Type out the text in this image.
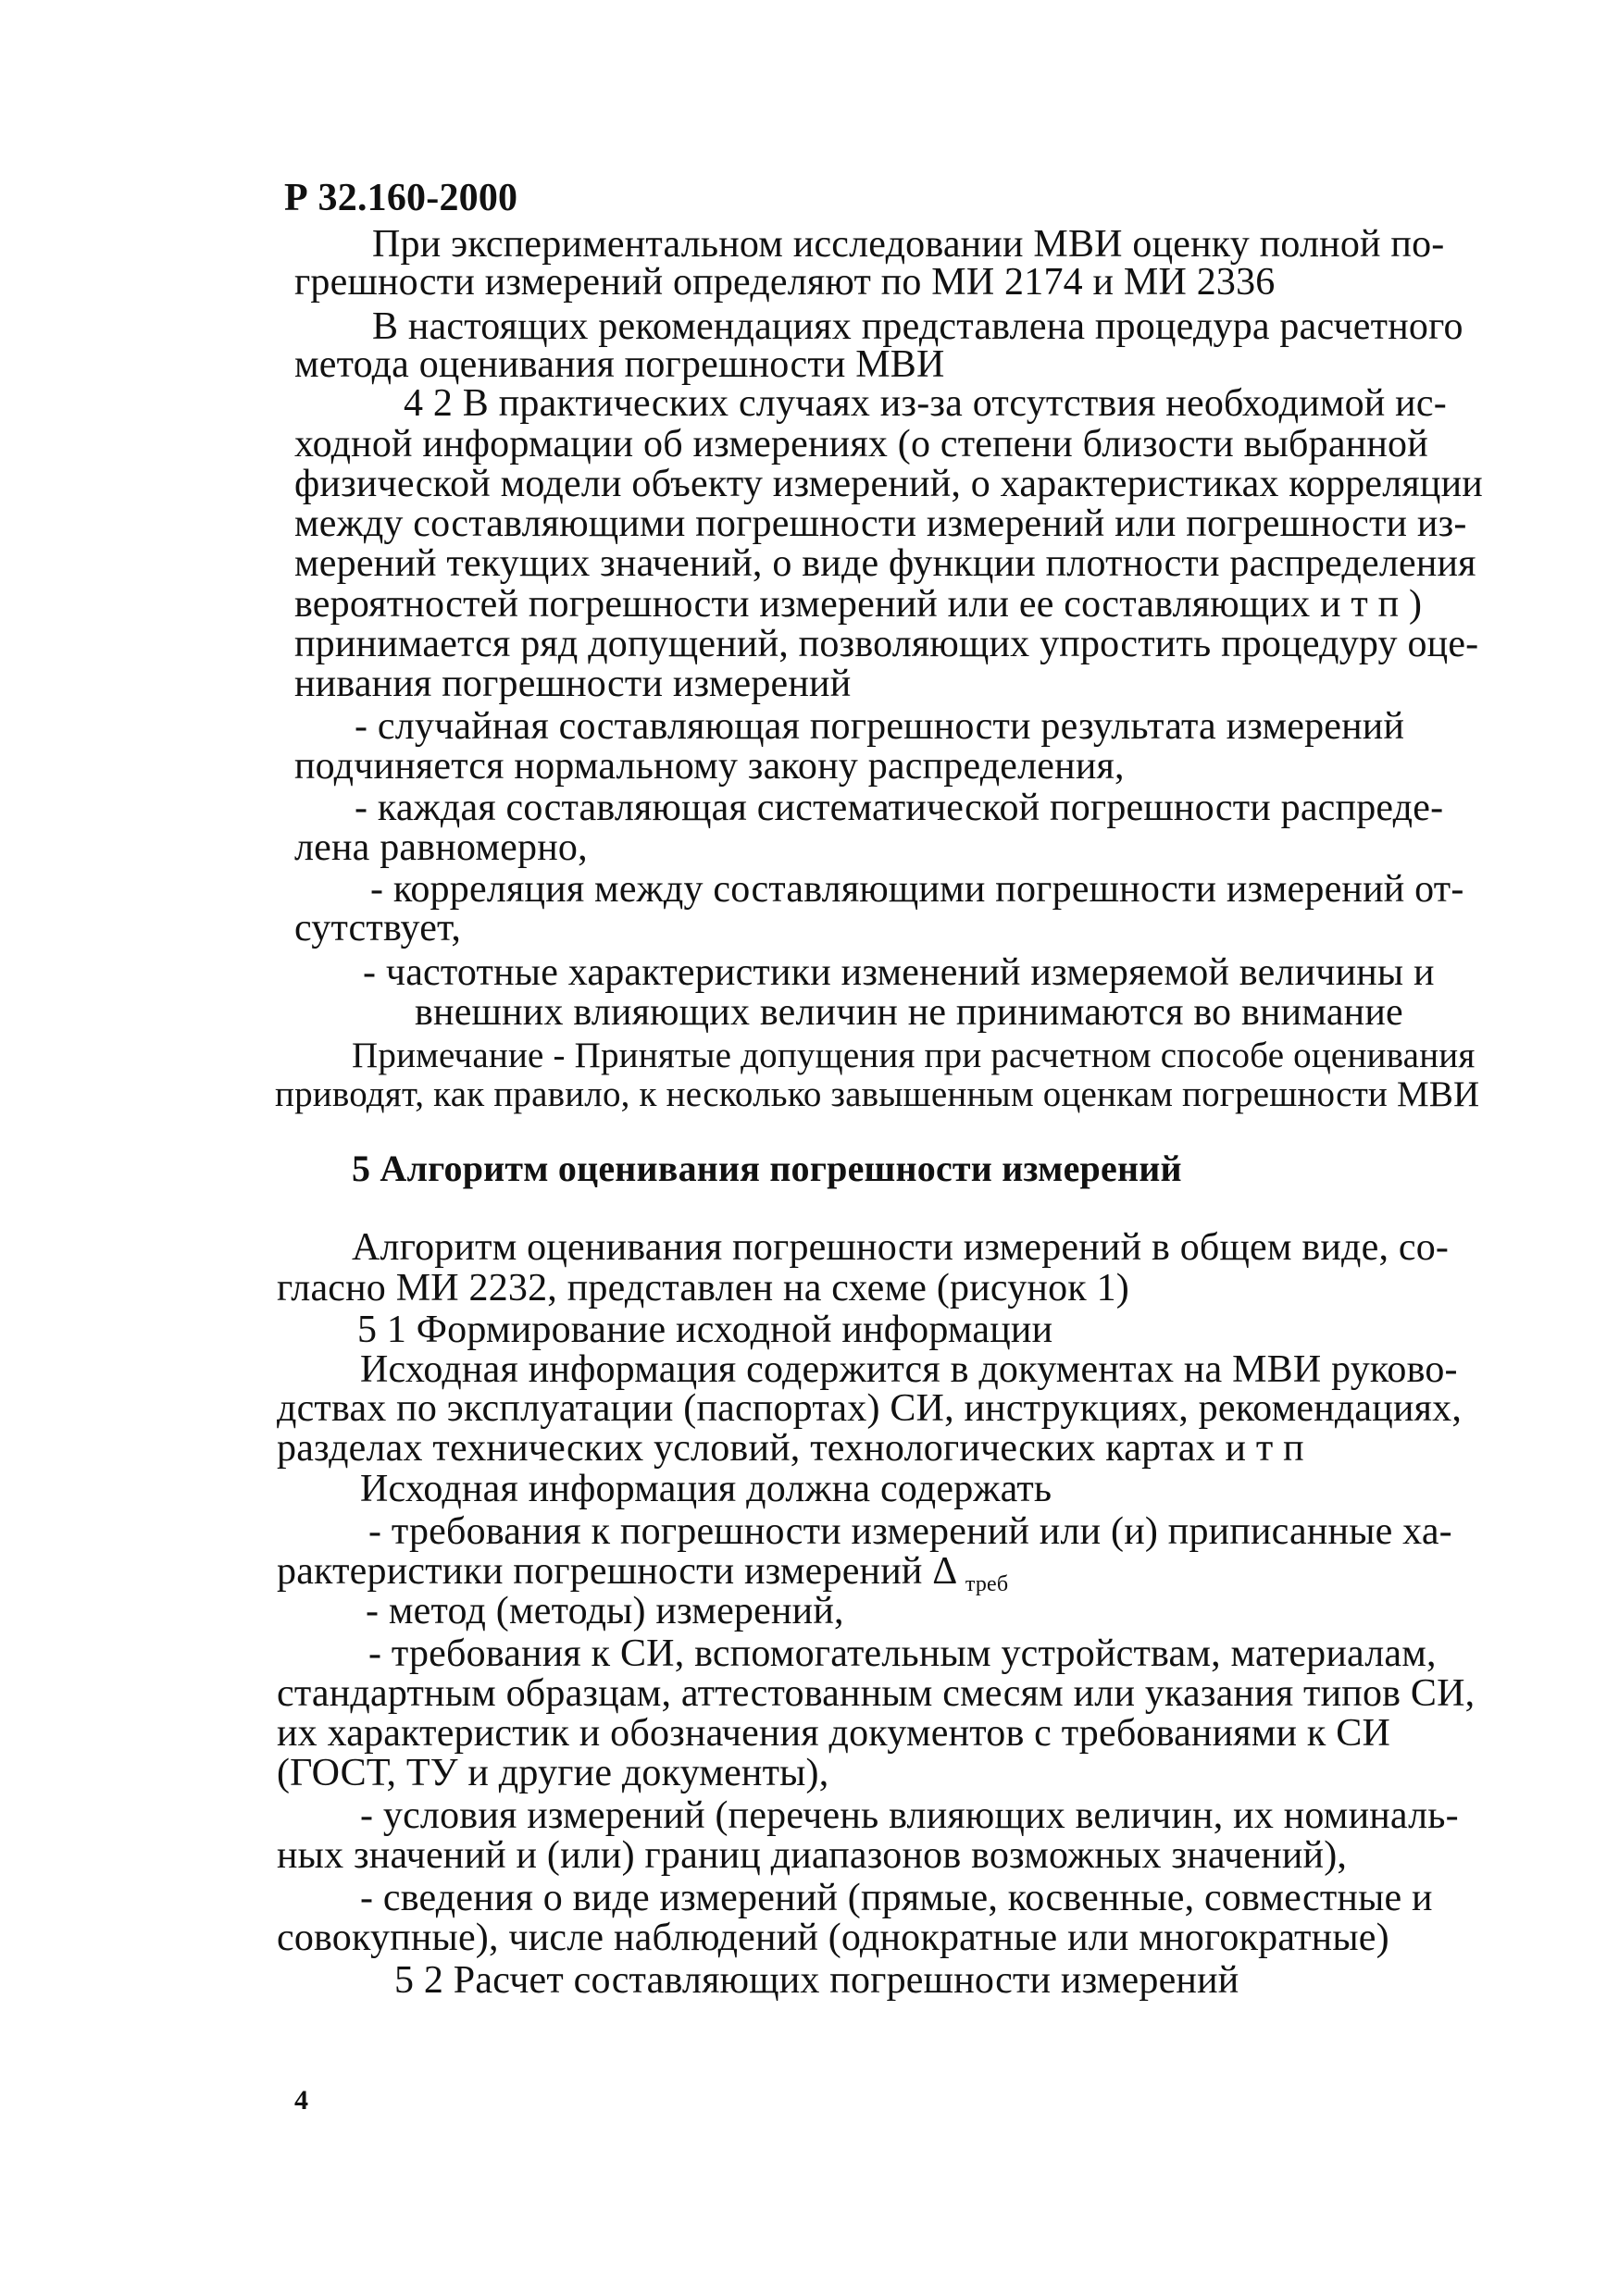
Р 32.160-2000
При экспериментальном исследовании МВИ оценку полной по-
грешности измерений определяют по МИ 2174 и МИ 2336
В настоящих рекомендациях представлена процедура расчетного
метода оценивания погрешности МВИ
4 2 В практических случаях из-за отсутствия необходимой ис-
ходной информации об измерениях (о степени близости выбранной
физической модели объекту измерений, о характеристиках корреляции
между составляющими погрешности измерений или погрешности из-
мерений текущих значений, о виде функции плотности распределения
вероятностей погрешности измерений или ее составляющих и т п )
принимается ряд допущений, позволяющих упростить процедуру оце-
нивания погрешности измерений
- случайная составляющая погрешности результата измерений
подчиняется нормальному закону распределения,
- каждая составляющая систематической погрешности распреде-
лена равномерно,
- корреляция между составляющими погрешности измерений от-
сутствует,
- частотные характеристики изменений измеряемой величины и
внешних влияющих величин не принимаются во внимание
Примечание - Принятые допущения при расчетном способе оценивания
приводят, как правило, к несколько завышенным оценкам погрешности МВИ
5 Алгоритм оценивания погрешности измерений
Алгоритм оценивания погрешности измерений в общем виде, со-
гласно МИ 2232, представлен на схеме (рисунок 1)
5 1 Формирование исходной информации
Исходная информация содержится в документах на МВИ руково-
дствах по эксплуатации (паспортах) СИ, инструкциях, рекомендациях,
разделах технических условий, технологических картах и т п
Исходная информация должна содержать
- требования к погрешности измерений или (и) приписанные ха-
рактеристики погрешности измерений Δ $_{треб}$
- метод (методы) измерений,
- требования к СИ, вспомогательным устройствам, материалам,
стандартным образцам, аттестованным смесям или указания типов СИ,
их характеристик и обозначения документов с требованиями к СИ
(ГОСТ, ТУ и другие документы),
- условия измерений (перечень влияющих величин, их номиналь-
ных значений и (или) границ диапазонов возможных значений),
- сведения о виде измерений (прямые, косвенные, совместные и
совокупные), числе наблюдений (однократные или многократные)
5 2 Расчет составляющих погрешности измерений
4
